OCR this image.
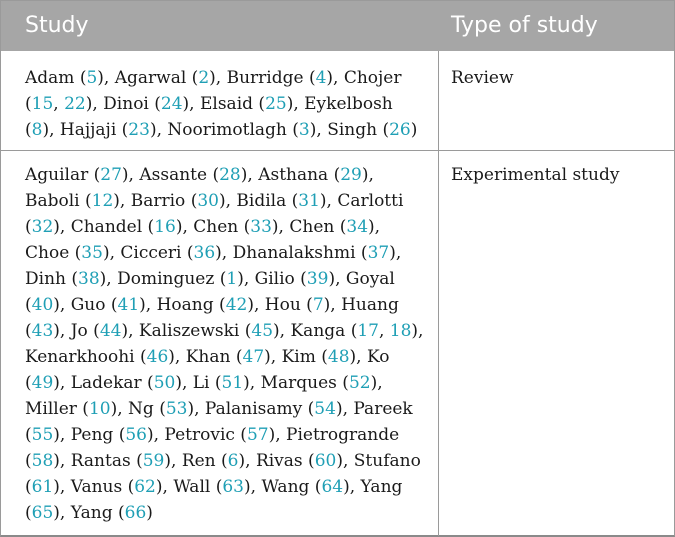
Study	Type of study
Adam (5), Agarwal (2), Burridge (4), Chojer
(15, 22), Dinoi (24), Elsaid (25), Eykelbosh
(8), Hajjaji (23), Noorimotlagh (3), Singh (26)
Review
Aguilar (27), Assante (28), Asthana (29),
Baboli (12), Barrio (30), Bidila (31), Carlotti
(32), Chandel (16), Chen (33), Chen (34),
Choe (35), Cicceri (36), Dhanalakshmi (37),
Dinh (38), Dominguez (1), Gilio (39), Goyal
(40), Guo (41), Hoang (42), Hou (7), Huang
(43), Jo (44), Kaliszewski (45), Kanga (17, 18),
Kenarkhoohi (46), Khan (47), Kim (48), Ko
(49), Ladekar (50), Li (51), Marques (52),
Miller (10), Ng (53), Palanisamy (54), Pareek
(55), Peng (56), Petrovic (57), Pietrogrande
(58), Rantas (59), Ren (6), Rivas (60), Stufano
(61), Vanus (62), Wall (63), Wang (64), Yang
(65), Yang (66)
Experimental study
